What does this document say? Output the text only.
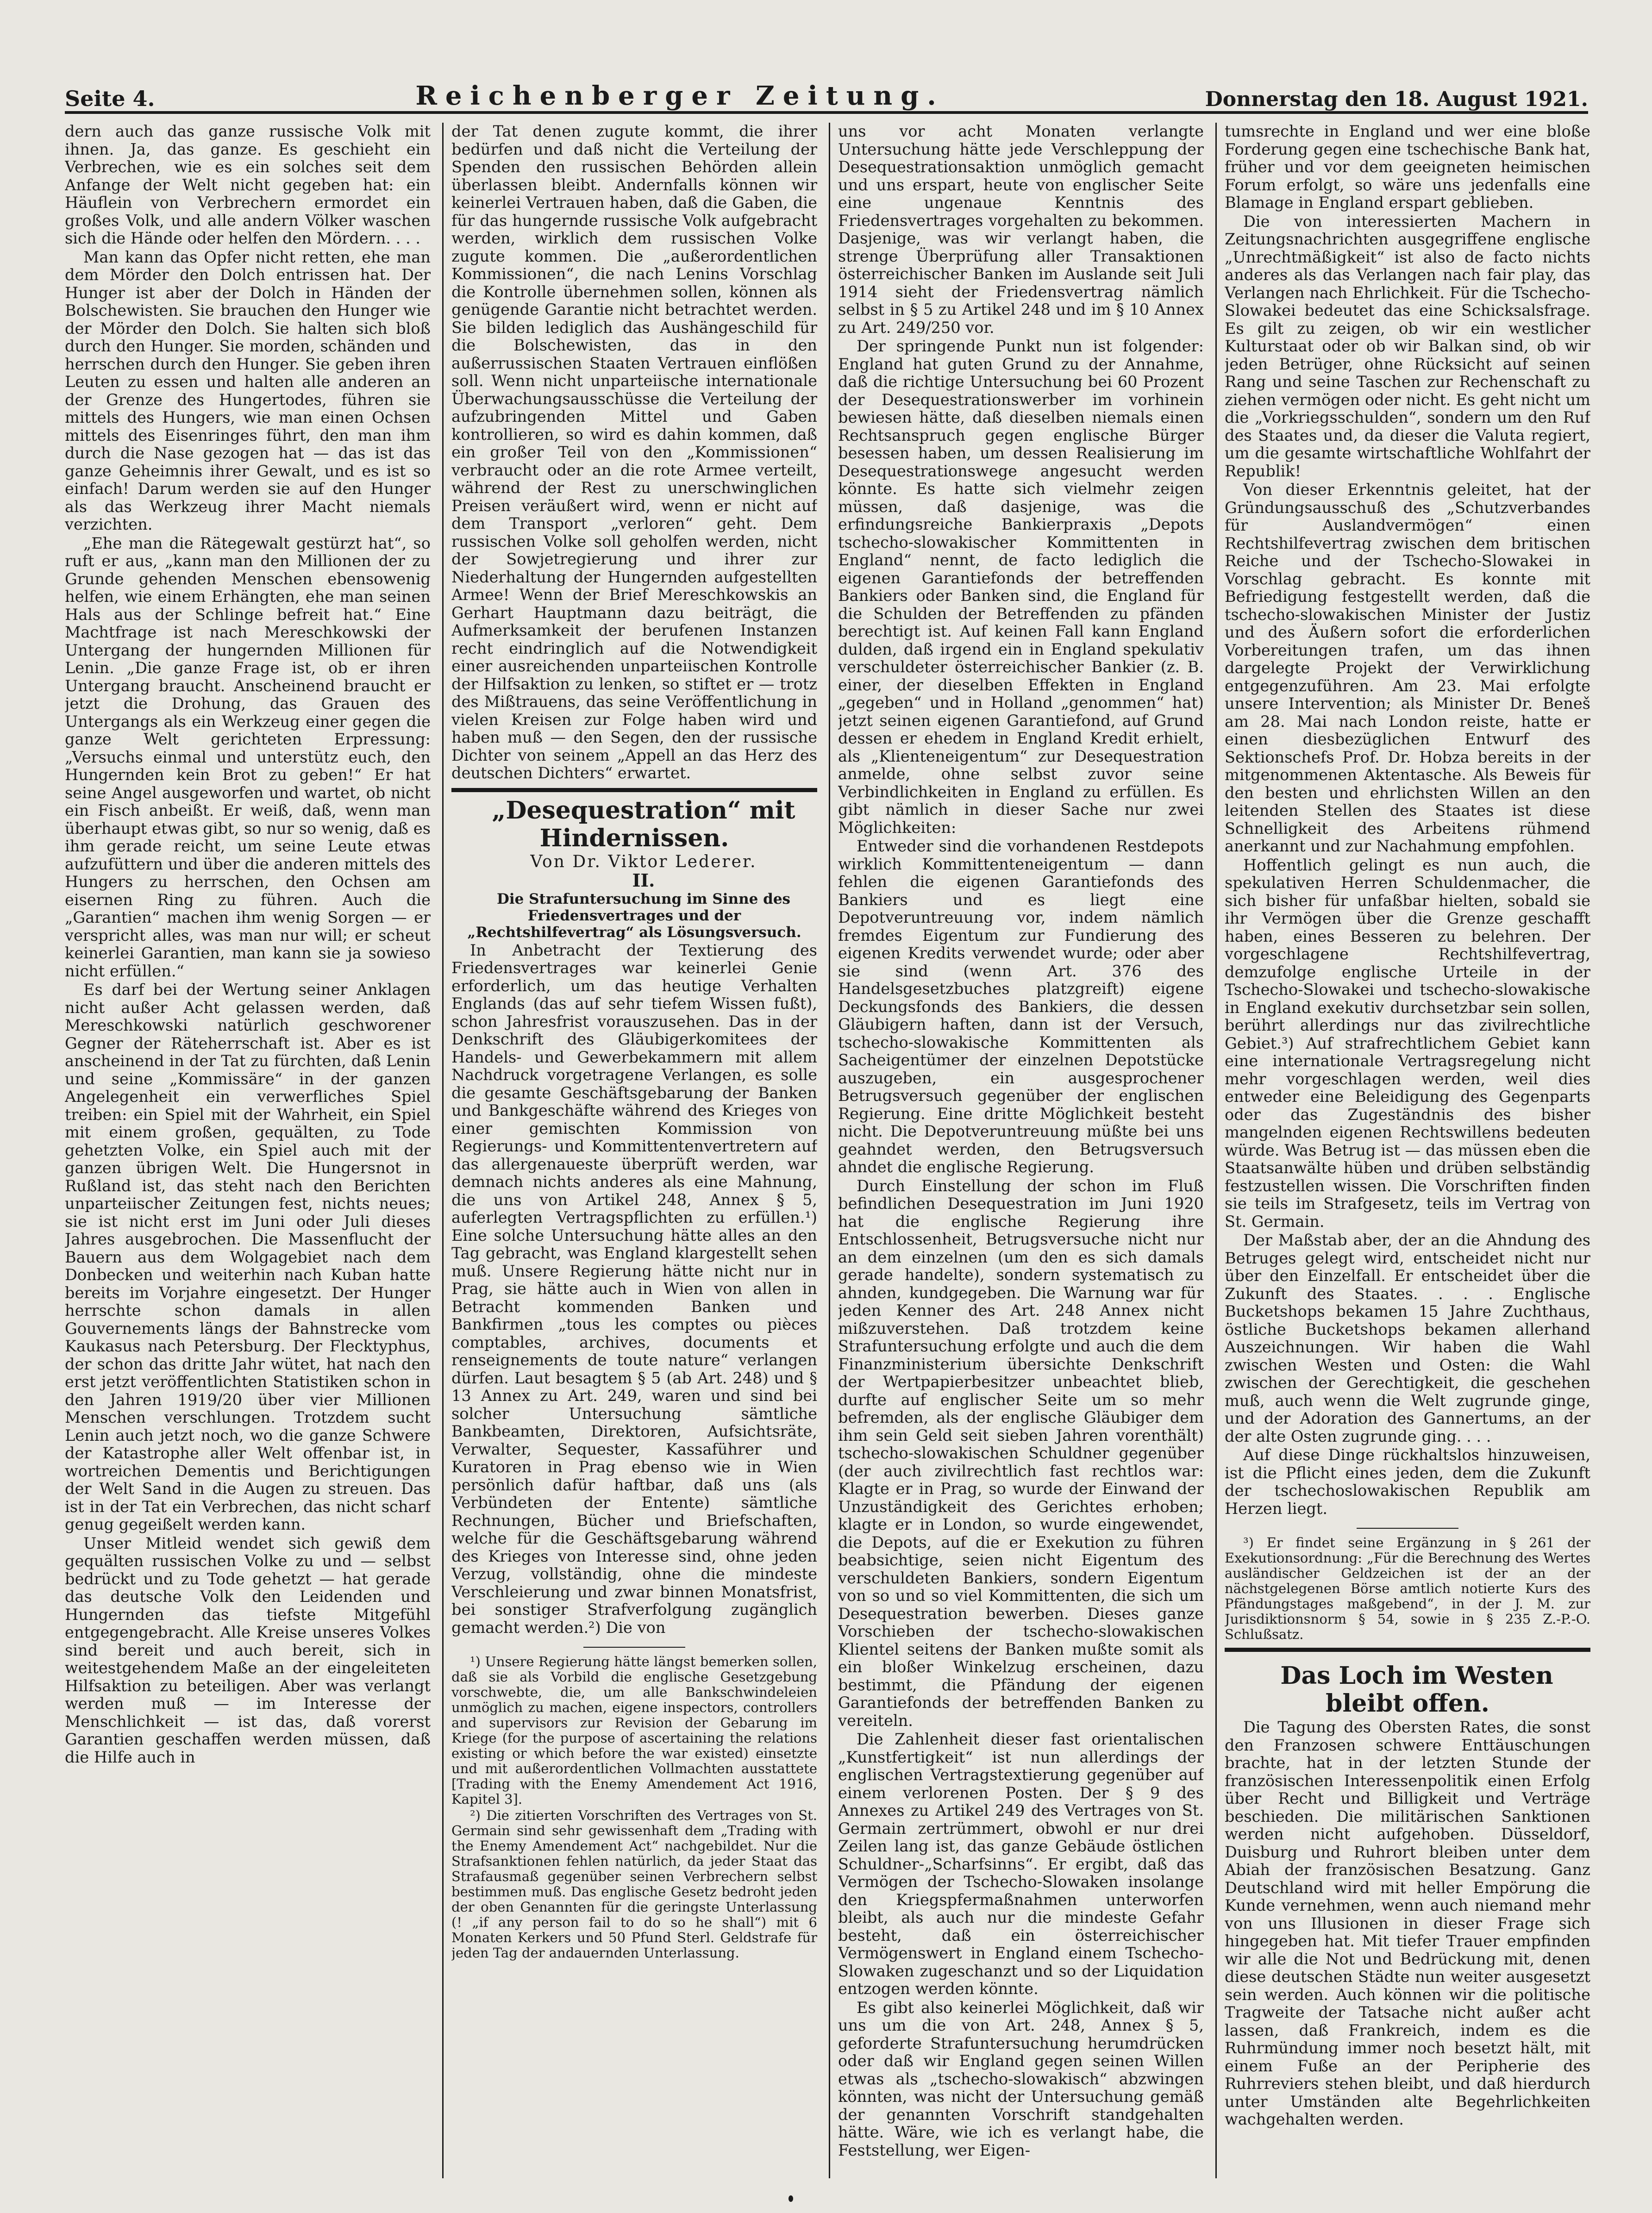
Seite 4.	Reichenberger Zeitung.	Donnerstag den 18. August 1921.

dern auch das ganze russische Volk mit ihnen. Ja, das ganze. Es geschieht ein Verbrechen, wie es ein solches seit dem Anfange der Welt nicht gegeben hat: ein Häuflein von Verbrechern ermordet ein großes Volk, und alle andern Völker waschen sich die Hände oder helfen den Mördern. . . .

Man kann das Opfer nicht retten, ehe man dem Mörder den Dolch entrissen hat. Der Hunger ist aber der Dolch in Händen der Bolschewisten. Sie brauchen den Hunger wie der Mörder den Dolch. Sie halten sich bloß durch den Hunger. Sie morden, schänden und herrschen durch den Hunger. Sie geben ihren Leuten zu essen und halten alle anderen an der Grenze des Hungertodes, führen sie mittels des Hungers, wie man einen Ochsen mittels des Eisenringes führt, den man ihm durch die Nase gezogen hat — das ist das ganze Geheimnis ihrer Gewalt, und es ist so einfach! Darum werden sie auf den Hunger als das Werkzeug ihrer Macht niemals verzichten.

„Ehe man die Rätegewalt gestürzt hat“, so ruft er aus, „kann man den Millionen der zu Grunde gehenden Menschen ebensowenig helfen, wie einem Erhängten, ehe man seinen Hals aus der Schlinge befreit hat.“ Eine Machtfrage ist nach Mereschkowski der Untergang der hungernden Millionen für Lenin. „Die ganze Frage ist, ob er ihren Untergang braucht. Anscheinend braucht er jetzt die Drohung, das Grauen des Untergangs als ein Werkzeug einer gegen die ganze Welt gerichteten Erpressung: „Versuchs einmal und unterstütz euch, den Hungernden kein Brot zu geben!“ Er hat seine Angel ausgeworfen und wartet, ob nicht ein Fisch anbeißt. Er weiß, daß, wenn man überhaupt etwas gibt, so nur so wenig, daß es ihm gerade reicht, um seine Leute etwas aufzufüttern und über die anderen mittels des Hungers zu herrschen, den Ochsen am eisernen Ring zu führen. Auch die „Garantien“ machen ihm wenig Sorgen — er verspricht alles, was man nur will; er scheut keinerlei Garantien, man kann sie ja sowieso nicht erfüllen.“

Es darf bei der Wertung seiner Anklagen nicht außer Acht gelassen werden, daß Mereschkowski natürlich geschworener Gegner der Räteherrschaft ist. Aber es ist anscheinend in der Tat zu fürchten, daß Lenin und seine „Kommissäre“ in der ganzen Angelegenheit ein verwerfliches Spiel treiben: ein Spiel mit der Wahrheit, ein Spiel mit einem großen, gequälten, zu Tode gehetzten Volke, ein Spiel auch mit der ganzen übrigen Welt. Die Hungersnot in Rußland ist, das steht nach den Berichten unparteiischer Zeitungen fest, nichts neues; sie ist nicht erst im Juni oder Juli dieses Jahres ausgebrochen. Die Massenflucht der Bauern aus dem Wolgagebiet nach dem Donbecken und weiterhin nach Kuban hatte bereits im Vorjahre eingesetzt. Der Hunger herrschte schon damals in allen Gouvernements längs der Bahnstrecke vom Kaukasus nach Petersburg. Der Flecktyphus, der schon das dritte Jahr wütet, hat nach den erst jetzt veröffentlichten Statistiken schon in den Jahren 1919/20 über vier Millionen Menschen verschlungen. Trotzdem sucht Lenin auch jetzt noch, wo die ganze Schwere der Katastrophe aller Welt offenbar ist, in wortreichen Dementis und Berichtigungen der Welt Sand in die Augen zu streuen. Das ist in der Tat ein Verbrechen, das nicht scharf genug gegeißelt werden kann.

Unser Mitleid wendet sich gewiß dem gequälten russischen Volke zu und — selbst bedrückt und zu Tode gehetzt — hat gerade das deutsche Volk den Leidenden und Hungernden das tiefste Mitgefühl entgegengebracht. Alle Kreise unseres Volkes sind bereit und auch bereit, sich in weitestgehendem Maße an der eingeleiteten Hilfsaktion zu beteiligen. Aber was verlangt werden muß — im Interesse der Menschlichkeit — ist das, daß vorerst Garantien geschaffen werden müssen, daß die Hilfe auch in

der Tat denen zugute kommt, die ihrer bedürfen und daß nicht die Verteilung der Spenden den russischen Behörden allein überlassen bleibt. Andernfalls können wir keinerlei Vertrauen haben, daß die Gaben, die für das hungernde russische Volk aufgebracht werden, wirklich dem russischen Volke zugute kommen. Die „außerordentlichen Kommissionen“, die nach Lenins Vorschlag die Kontrolle übernehmen sollen, können als genügende Garantie nicht betrachtet werden. Sie bilden lediglich das Aushängeschild für die Bolschewisten, das in den außerrussischen Staaten Vertrauen einflößen soll. Wenn nicht unparteiische internationale Überwachungsausschüsse die Verteilung der aufzubringenden Mittel und Gaben kontrollieren, so wird es dahin kommen, daß ein großer Teil von den „Kommissionen“ verbraucht oder an die rote Armee verteilt, während der Rest zu unerschwinglichen Preisen veräußert wird, wenn er nicht auf dem Transport „verloren“ geht. Dem russischen Volke soll geholfen werden, nicht der Sowjetregierung und ihrer zur Niederhaltung der Hungernden aufgestellten Armee! Wenn der Brief Mereschkowskis an Gerhart Hauptmann dazu beiträgt, die Aufmerksamkeit der berufenen Instanzen recht eindringlich auf die Notwendigkeit einer ausreichenden unparteiischen Kontrolle der Hilfsaktion zu lenken, so stiftet er — trotz des Mißtrauens, das seine Veröffentlichung in vielen Kreisen zur Folge haben wird und haben muß — den Segen, den der russische Dichter von seinem „Appell an das Herz des deutschen Dichters“ erwartet.

„Desequestration“ mit Hindernissen.

Von Dr. Viktor Lederer.

II.

Die Strafuntersuchung im Sinne des Friedensvertrages und der „Rechtshilfevertrag“ als Lösungsversuch.

In Anbetracht der Textierung des Friedensvertrages war keinerlei Genie erforderlich, um das heutige Verhalten Englands (das auf sehr tiefem Wissen fußt), schon Jahresfrist vorauszusehen. Das in der Denkschrift des Gläubigerkomitees der Handels- und Gewerbekammern mit allem Nachdruck vorgetragene Verlangen, es solle die gesamte Geschäftsgebarung der Banken und Bankgeschäfte während des Krieges von einer gemischten Kommission von Regierungs- und Kommittentenvertretern auf das allergenaueste überprüft werden, war demnach nichts anderes als eine Mahnung, die uns von Artikel 248, Annex § 5, auferlegten Vertragspflichten zu erfüllen.¹) Eine solche Untersuchung hätte alles an den Tag gebracht, was England klargestellt sehen muß. Unsere Regierung hätte nicht nur in Prag, sie hätte auch in Wien von allen in Betracht kommenden Banken und Bankfirmen „tous les comptes ou pièces comptables, archives, documents et renseignements de toute nature“ verlangen dürfen. Laut besagtem § 5 (ab Art. 248) und § 13 Annex zu Art. 249, waren und sind bei solcher Untersuchung sämtliche Bankbeamten, Direktoren, Aufsichtsräte, Verwalter, Sequester, Kassaführer und Kuratoren in Prag ebenso wie in Wien persönlich dafür haftbar, daß uns (als Verbündeten der Entente) sämtliche Rechnungen, Bücher und Briefschaften, welche für die Geschäftsgebarung während des Krieges von Interesse sind, ohne jeden Verzug, vollständig, ohne die mindeste Verschleierung und zwar binnen Monatsfrist, bei sonstiger Strafverfolgung zugänglich gemacht werden.²) Die von

¹) Unsere Regierung hätte längst bemerken sollen, daß sie als Vorbild die englische Gesetzgebung vorschwebte, die, um alle Bankschwindeleien unmöglich zu machen, eigene inspectors, controllers and supervisors zur Revision der Gebarung im Kriege (for the purpose of ascertaining the relations existing or which before the war existed) einsetzte und mit außerordentlichen Vollmachten ausstattete [Trading with the Enemy Amendement Act 1916, Kapitel 3].

²) Die zitierten Vorschriften des Vertrages von St. Germain sind sehr gewissenhaft dem „Trading with the Enemy Amendement Act“ nachgebildet. Nur die Strafsanktionen fehlen natürlich, da jeder Staat das Strafausmaß gegenüber seinen Verbrechern selbst bestimmen muß. Das englische Gesetz bedroht jeden der oben Genannten für die geringste Unterlassung (! „if any person fail to do so he shall“) mit 6 Monaten Kerkers und 50 Pfund Sterl. Geldstrafe für jeden Tag der andauernden Unterlassung.

uns vor acht Monaten verlangte Untersuchung hätte jede Verschleppung der Desequestrationsaktion unmöglich gemacht und uns erspart, heute von englischer Seite eine ungenaue Kenntnis des Friedensvertrages vorgehalten zu bekommen. Dasjenige, was wir verlangt haben, die strenge Überprüfung aller Transaktionen österreichischer Banken im Auslande seit Juli 1914 sieht der Friedensvertrag nämlich selbst in § 5 zu Artikel 248 und im § 10 Annex zu Art. 249/250 vor.

Der springende Punkt nun ist folgender: England hat guten Grund zu der Annahme, daß die richtige Untersuchung bei 60 Prozent der Desequestrationswerber im vorhinein bewiesen hätte, daß dieselben niemals einen Rechtsanspruch gegen englische Bürger besessen haben, um dessen Realisierung im Desequestrationswege angesucht werden könnte. Es hatte sich vielmehr zeigen müssen, daß dasjenige, was die erfindungsreiche Bankierpraxis „Depots tschecho-slowakischer Kommittenten in England“ nennt, de facto lediglich die eigenen Garantiefonds der betreffenden Bankiers oder Banken sind, die England für die Schulden der Betreffenden zu pfänden berechtigt ist. Auf keinen Fall kann England dulden, daß irgend ein in England spekulativ verschuldeter österreichischer Bankier (z. B. einer, der dieselben Effekten in England „gegeben“ und in Holland „genommen“ hat) jetzt seinen eigenen Garantiefond, auf Grund dessen er ehedem in England Kredit erhielt, als „Klienteneigentum“ zur Desequestration anmelde, ohne selbst zuvor seine Verbindlichkeiten in England zu erfüllen. Es gibt nämlich in dieser Sache nur zwei Möglichkeiten:

Entweder sind die vorhandenen Restdepots wirklich Kommittenteneigentum — dann fehlen die eigenen Garantiefonds des Bankiers und es liegt eine Depotveruntreuung vor, indem nämlich fremdes Eigentum zur Fundierung des eigenen Kredits verwendet wurde; oder aber sie sind (wenn Art. 376 des Handelsgesetzbuches platzgreift) eigene Deckungsfonds des Bankiers, die dessen Gläubigern haften, dann ist der Versuch, tschecho-slowakische Kommittenten als Sacheigentümer der einzelnen Depotstücke auszugeben, ein ausgesprochener Betrugsversuch gegenüber der englischen Regierung. Eine dritte Möglichkeit besteht nicht. Die Depotveruntreuung müßte bei uns geahndet werden, den Betrugsversuch ahndet die englische Regierung.

Durch Einstellung der schon im Fluß befindlichen Desequestration im Juni 1920 hat die englische Regierung ihre Entschlossenheit, Betrugsversuche nicht nur an dem einzelnen (um den es sich damals gerade handelte), sondern systematisch zu ahnden, kundgegeben. Die Warnung war für jeden Kenner des Art. 248 Annex nicht mißzuverstehen. Daß trotzdem keine Strafuntersuchung erfolgte und auch die dem Finanzministerium übersichte Denkschrift der Wertpapierbesitzer unbeachtet blieb, durfte auf englischer Seite um so mehr befremden, als der englische Gläubiger dem ihm sein Geld seit sieben Jahren vorenthält) tschecho-slowakischen Schuldner gegenüber (der auch zivilrechtlich fast rechtlos war: Klagte er in Prag, so wurde der Einwand der Unzuständigkeit des Gerichtes erhoben; klagte er in London, so wurde eingewendet, die Depots, auf die er Exekution zu führen beabsichtige, seien nicht Eigentum des verschuldeten Bankiers, sondern Eigentum von so und so viel Kommittenten, die sich um Desequestration bewerben. Dieses ganze Vorschieben der tschecho-slowakischen Klientel seitens der Banken mußte somit als ein bloßer Winkelzug erscheinen, dazu bestimmt, die Pfändung der eigenen Garantiefonds der betreffenden Banken zu vereiteln.

Die Zahlenheit dieser fast orientalischen „Kunstfertigkeit“ ist nun allerdings der englischen Vertragstextierung gegenüber auf einem verlorenen Posten. Der § 9 des Annexes zu Artikel 249 des Vertrages von St. Germain zertrümmert, obwohl er nur drei Zeilen lang ist, das ganze Gebäude östlichen Schuldner-„Scharfsinns“. Er ergibt, daß das Vermögen der Tschecho-Slowaken insolange den Kriegspfermaßnahmen unterworfen bleibt, als auch nur die mindeste Gefahr besteht, daß ein österreichischer Vermögenswert in England einem Tschecho-Slowaken zugeschanzt und so der Liquidation entzogen werden könnte.

Es gibt also keinerlei Möglichkeit, daß wir uns um die von Art. 248, Annex § 5, geforderte Strafuntersuchung herumdrücken oder daß wir England gegen seinen Willen etwas als „tschecho-slowakisch“ abzwingen könnten, was nicht der Untersuchung gemäß der genannten Vorschrift standgehalten hätte. Wäre, wie ich es verlangt habe, die Feststellung, wer Eigen-

tumsrechte in England und wer eine bloße Forderung gegen eine tschechische Bank hat, früher und vor dem geeigneten heimischen Forum erfolgt, so wäre uns jedenfalls eine Blamage in England erspart geblieben.

Die von interessierten Machern in Zeitungsnachrichten ausgegriffene englische „Unrechtmäßigkeit“ ist also de facto nichts anderes als das Verlangen nach fair play, das Verlangen nach Ehrlichkeit. Für die Tschecho-Slowakei bedeutet das eine Schicksalsfrage. Es gilt zu zeigen, ob wir ein westlicher Kulturstaat oder ob wir Balkan sind, ob wir jeden Betrüger, ohne Rücksicht auf seinen Rang und seine Taschen zur Rechenschaft zu ziehen vermögen oder nicht. Es geht nicht um die „Vorkriegsschulden“, sondern um den Ruf des Staates und, da dieser die Valuta regiert, um die gesamte wirtschaftliche Wohlfahrt der Republik!

Von dieser Erkenntnis geleitet, hat der Gründungsausschuß des „Schutzverbandes für Auslandvermögen“ einen Rechtshilfevertrag zwischen dem britischen Reiche und der Tschecho-Slowakei in Vorschlag gebracht. Es konnte mit Befriedigung festgestellt werden, daß die tschecho-slowakischen Minister der Justiz und des Äußern sofort die erforderlichen Vorbereitungen trafen, um das ihnen dargelegte Projekt der Verwirklichung entgegenzuführen. Am 23. Mai erfolgte unsere Intervention; als Minister Dr. Beneš am 28. Mai nach London reiste, hatte er einen diesbezüglichen Entwurf des Sektionschefs Prof. Dr. Hobza bereits in der mitgenommenen Aktentasche. Als Beweis für den besten und ehrlichsten Willen an den leitenden Stellen des Staates ist diese Schnelligkeit des Arbeitens rühmend anerkannt und zur Nachahmung empfohlen.

Hoffentlich gelingt es nun auch, die spekulativen Herren Schuldenmacher, die sich bisher für unfaßbar hielten, sobald sie ihr Vermögen über die Grenze geschafft haben, eines Besseren zu belehren. Der vorgeschlagene Rechtshilfevertrag, demzufolge englische Urteile in der Tschecho-Slowakei und tschecho-slowakische in England exekutiv durchsetzbar sein sollen, berührt allerdings nur das zivilrechtliche Gebiet.³) Auf strafrechtlichem Gebiet kann eine internationale Vertragsregelung nicht mehr vorgeschlagen werden, weil dies entweder eine Beleidigung des Gegenparts oder das Zugeständnis des bisher mangelnden eigenen Rechtswillens bedeuten würde. Was Betrug ist — das müssen eben die Staatsanwälte hüben und drüben selbständig festzustellen wissen. Die Vorschriften finden sie teils im Strafgesetz, teils im Vertrag von St. Germain.

Der Maßstab aber, der an die Ahndung des Betruges gelegt wird, entscheidet nicht nur über den Einzelfall. Er entscheidet über die Zukunft des Staates. . . . Englische Bucketshops bekamen 15 Jahre Zuchthaus, östliche Bucketshops bekamen allerhand Auszeichnungen. Wir haben die Wahl zwischen Westen und Osten: die Wahl zwischen der Gerechtigkeit, die geschehen muß, auch wenn die Welt zugrunde ginge, und der Adoration des Gannertums, an der der alte Osten zugrunde ging. . . .

Auf diese Dinge rückhaltslos hinzuweisen, ist die Pflicht eines jeden, dem die Zukunft der tschechoslowakischen Republik am Herzen liegt.

³) Er findet seine Ergänzung in § 261 der Exekutionsordnung: „Für die Berechnung des Wertes ausländischer Geldzeichen ist der an der nächstgelegenen Börse amtlich notierte Kurs des Pfändungstages maßgebend“, in der J. M. zur Jurisdiktionsnorm § 54, sowie in § 235 Z.-P.-O. Schlußsatz.

Das Loch im Westen bleibt offen.

Die Tagung des Obersten Rates, die sonst den Franzosen schwere Enttäuschungen brachte, hat in der letzten Stunde der französischen Interessenpolitik einen Erfolg über Recht und Billigkeit und Verträge beschieden. Die militärischen Sanktionen werden nicht aufgehoben. Düsseldorf, Duisburg und Ruhrort bleiben unter dem Abiah der französischen Besatzung. Ganz Deutschland wird mit heller Empörung die Kunde vernehmen, wenn auch niemand mehr von uns Illusionen in dieser Frage sich hingegeben hat. Mit tiefer Trauer empfinden wir alle die Not und Bedrückung mit, denen diese deutschen Städte nun weiter ausgesetzt sein werden. Auch können wir die politische Tragweite der Tatsache nicht außer acht lassen, daß Frankreich, indem es die Ruhrmündung immer noch besetzt hält, mit einem Fuße an der Peripherie des Ruhrreviers stehen bleibt, und daß hierdurch unter Umständen alte Begehrlichkeiten wachgehalten werden.
